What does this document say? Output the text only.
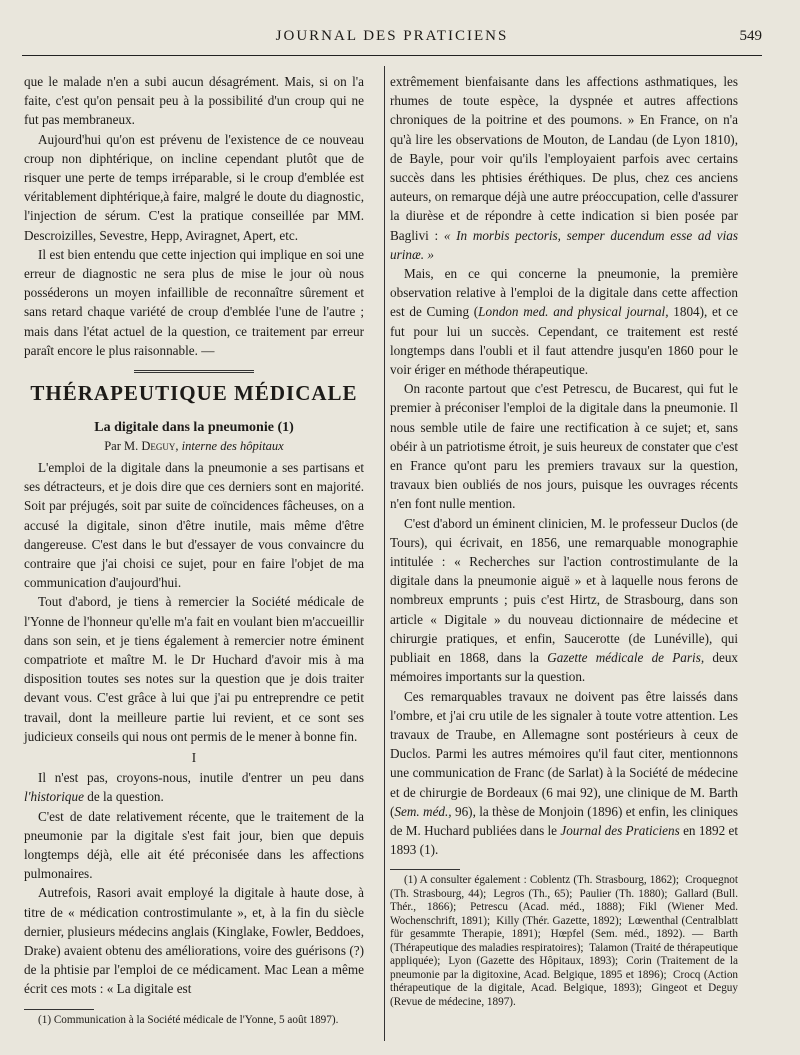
JOURNAL DES PRATICIENS	549

que le malade n'en a subi aucun désagrément. Mais, si on l'a faite, c'est qu'on pensait peu à la possibilité d'un croup qui ne fut pas membraneux.

Aujourd'hui qu'on est prévenu de l'existence de ce nouveau croup non diphtérique, on incline cependant plutôt que de risquer une perte de temps irréparable, si le croup d'emblée est véritablement diphtérique,à faire, malgré le doute du diagnostic, l'injection de sérum. C'est la pratique conseillée par MM. Descroizilles, Sevestre, Hepp, Aviragnet, Apert, etc.

Il est bien entendu que cette injection qui implique en soi une erreur de diagnostic ne sera plus de mise le jour où nous posséderons un moyen infaillible de reconnaître sûrement et sans retard chaque variété de croup d'emblée l'une de l'autre ; mais dans l'état actuel de la question, ce traitement par erreur paraît encore le plus raisonnable. —

THÉRAPEUTIQUE MÉDICALE
La digitale dans la pneumonie (1)
Par M. Deguy, interne des hôpitaux

L'emploi de la digitale dans la pneumonie a ses partisans et ses détracteurs, et je dois dire que ces derniers sont en majorité. Soit par préjugés, soit par suite de coïncidences fâcheuses, on a accusé la digitale, sinon d'être inutile, mais même d'être dangereuse. C'est dans le but d'essayer de vous convaincre du contraire que j'ai choisi ce sujet, pour en faire l'objet de ma communication d'aujourd'hui.

Tout d'abord, je tiens à remercier la Société médicale de l'Yonne de l'honneur qu'elle m'a fait en voulant bien m'accueillir dans son sein, et je tiens également à remercier notre éminent compatriote et maître M. le Dr Huchard d'avoir mis à ma disposition toutes ses notes sur la question que je dois traiter devant vous. C'est grâce à lui que j'ai pu entreprendre ce petit travail, dont la meilleure partie lui revient, et ce sont ses judicieux conseils qui nous ont permis de le mener à bonne fin.

I

Il n'est pas, croyons-nous, inutile d'entrer un peu dans l'historique de la question.

C'est de date relativement récente, que le traitement de la pneumonie par la digitale s'est fait jour, bien que depuis longtemps déjà, elle ait été préconisée dans les affections pulmonaires.

Autrefois, Rasori avait employé la digitale à haute dose, à titre de « médication controstimulante », et, à la fin du siècle dernier, plusieurs médecins anglais (Kinglake, Fowler, Beddoes, Drake) avaient obtenu des améliorations, voire des guérisons (?) de la phtisie par l'emploi de ce médicament. Mac Lean a même écrit ces mots : « La digitale est

(1) Communication à la Société médicale de l'Yonne, 5 août 1897).

extrêmement bienfaisante dans les affections asthmatiques, les rhumes de toute espèce, la dyspnée et autres affections chroniques de la poitrine et des poumons. » En France, on n'a qu'à lire les observations de Mouton, de Landau (de Lyon 1810), de Bayle, pour voir qu'ils l'employaient parfois avec certains succès dans les phtisies éréthiques. De plus, chez ces anciens auteurs, on remarque déjà une autre préoccupation, celle d'assurer la diurèse et de répondre à cette indication si bien posée par Baglivi : « In morbis pectoris, semper ducendum esse ad vias urinæ. »

Mais, en ce qui concerne la pneumonie, la première observation relative à l'emploi de la digitale dans cette affection est de Cuming (London med. and physical journal, 1804), et ce fut pour lui un succès. Cependant, ce traitement est resté longtemps dans l'oubli et il faut attendre jusqu'en 1860 pour le voir ériger en méthode thérapeutique.

On raconte partout que c'est Petrescu, de Bucarest, qui fut le premier à préconiser l'emploi de la digitale dans la pneumonie. Il nous semble utile de faire une rectification à ce sujet; et, sans obéir à un patriotisme étroit, je suis heureux de constater que c'est en France qu'ont paru les premiers travaux sur la question, travaux bien oubliés de nos jours, puisque les ouvrages récents n'en font nulle mention.

C'est d'abord un éminent clinicien, M. le professeur Duclos (de Tours), qui écrivait, en 1856, une remarquable monographie intitulée : « Recherches sur l'action controstimulante de la digitale dans la pneumonie aiguë » et à laquelle nous ferons de nombreux emprunts ; puis c'est Hirtz, de Strasbourg, dans son article « Digitale » du nouveau dictionnaire de médecine et chirurgie pratiques, et enfin, Saucerotte (de Lunéville), qui publiait en 1868, dans la Gazette médicale de Paris, deux mémoires importants sur la question.

Ces remarquables travaux ne doivent pas être laissés dans l'ombre, et j'ai cru utile de les signaler à toute votre attention. Les travaux de Traube, en Allemagne sont postérieurs à ceux de Duclos. Parmi les autres mémoires qu'il faut citer, mentionnons une communication de Franc (de Sarlat) à la Société de médecine et de chirurgie de Bordeaux (6 mai 92), une clinique de M. Barth (Sem. méd., 96), la thèse de Monjoin (1896) et enfin, les cliniques de M. Huchard publiées dans le Journal des Praticiens en 1892 et 1893 (1).

(1) A consulter également : Coblentz (Th. Strasbourg, 1862); Croquegnot (Th. Strasbourg, 44); Legros (Th., 65); Paulier (Th. 1880); Gallard (Bull. Thér., 1866); Petrescu (Acad. méd., 1888); Fikl (Wiener Med. Wochenschrift, 1891); Killy (Thér. Gazette, 1892); Lœwenthal (Centralblatt für gesammte Therapie, 1891); Hœpfel (Sem. méd., 1892). — Barth (Thérapeutique des maladies respiratoires); Talamon (Traité de thérapeutique appliquée); Lyon (Gazette des Hôpitaux, 1893); Corin (Traitement de la pneumonie par la digitoxine, Acad. Belgique, 1895 et 1896); Crocq (Action thérapeutique de la digitale, Acad. Belgique, 1893); Gingeot et Deguy (Revue de médecine, 1897).
